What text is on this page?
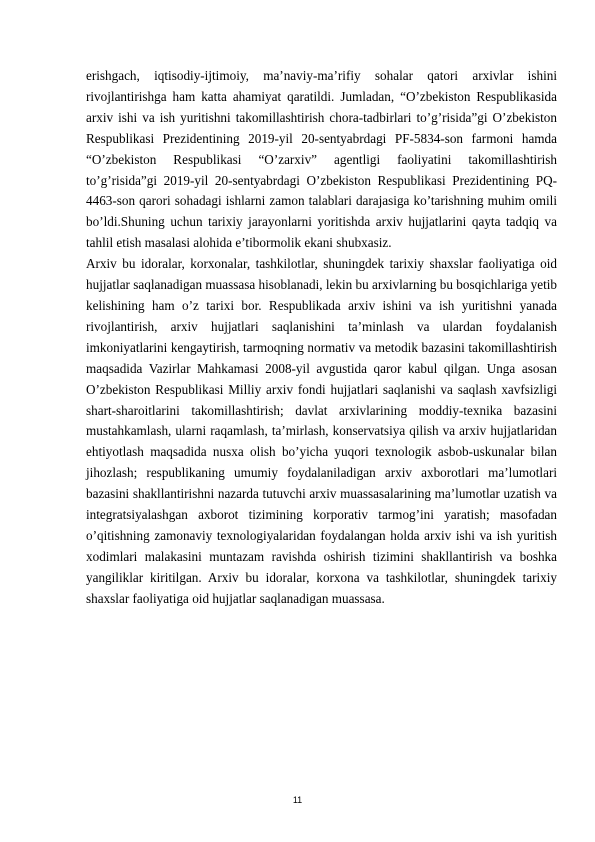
erishgach, iqtisodiy-ijtimoiy, ma’naviy-ma’rifiy sohalar qatori arxivlar ishini rivojlantirishga ham katta ahamiyat qaratildi. Jumladan, “O’zbekiston Respublikasida arxiv ishi va ish yuritishni takomillashtirish chora-tadbirlari to’g’risida”gi O’zbekiston Respublikasi Prezidentining 2019-yil 20-sentyabrdagi PF-5834-son farmoni hamda “O’zbekiston Respublikasi “O’zarxiv” agentligi faoliyatini takomillashtirish to’g’risida”gi 2019-yil 20-sentyabrdagi O’zbekiston Respublikasi Prezidentining PQ-4463-son qarori sohadagi ishlarni zamon talablari darajasiga ko’tarishning muhim omili bo’ldi.Shuning uchun tarixiy jarayonlarni yoritishda arxiv hujjatlarini qayta tadqiq va tahlil etish masalasi alohida e’tibormolik ekani shubxasiz.

Arxiv bu idoralar, korxonalar, tashkilotlar, shuningdek tarixiy shaxslar faoliyatiga oid hujjatlar saqlanadigan muassasa hisoblanadi, lekin bu arxivlarning bu bosqichlariga yetib kelishining ham o’z tarixi bor. Respublikada arxiv ishini va ish yuritishni yanada rivojlantirish, arxiv hujjatlari saqlanishini ta’minlash va ulardan foydalanish imkoniyatlarini kengaytirish, tarmoqning normativ va metodik bazasini takomillashtirish maqsadida Vazirlar Mahkamasi 2008-yil avgustida qaror kabul qilgan. Unga asosan O’zbekiston Respublikasi Milliy arxiv fondi hujjatlari saqlanishi va saqlash xavfsizligi shart-sharoitlarini takomillashtirish; davlat arxivlarining moddiy-texnika bazasini mustahkamlash, ularni raqamlash, ta’mirlash, konservatsiya qilish va arxiv hujjatlaridan ehtiyotlash maqsadida nusxa olish bo’yicha yuqori texnologik asbob-uskunalar bilan jihozlash; respublikaning umumiy foydalaniladigan arxiv axborotlari ma’lumotlari bazasini shakllantirishni nazarda tutuvchi arxiv muassasalarining ma’lumotlar uzatish va integratsiyalashgan axborot tizimining korporativ tarmog’ini yaratish; masofadan o’qitishning zamonaviy texnologiyalaridan foydalangan holda arxiv ishi va ish yuritish xodimlari malakasini muntazam ravishda oshirish tizimini shakllantirish va boshka yangiliklar kiritilgan. Arxiv bu idoralar, korxona va tashkilotlar, shuningdek tarixiy shaxslar faoliyatiga oid hujjatlar saqlanadigan muassasa.

11
